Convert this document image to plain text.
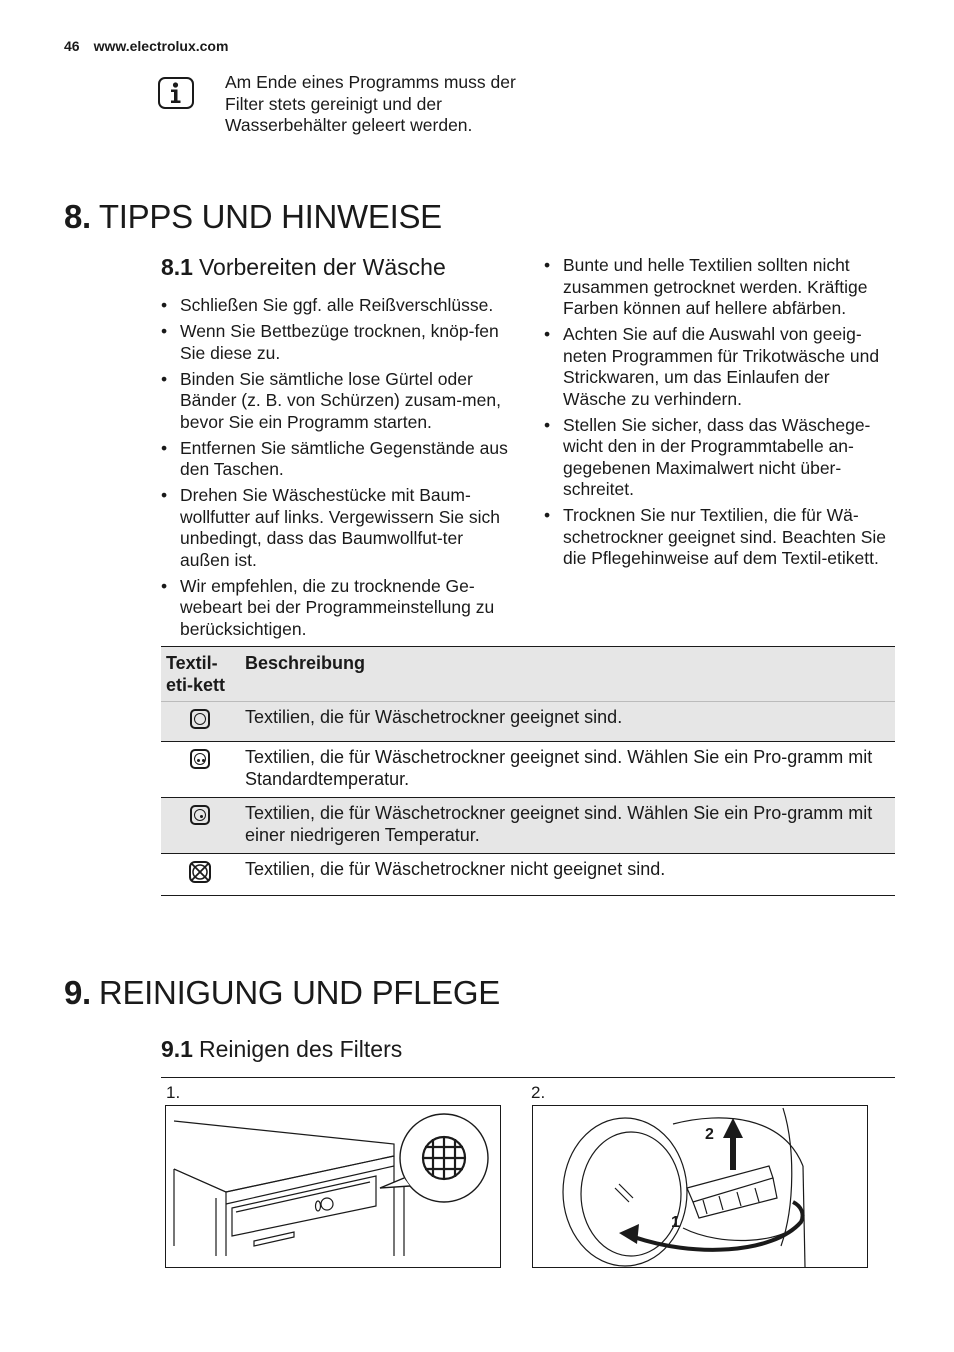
46 www.electrolux.com
Am Ende eines Programms muss der Filter stets gereinigt und der Wasserbehälter geleert werden.
8. TIPPS UND HINWEISE
8.1 Vorbereiten der Wäsche
• Schließen Sie ggf. alle Reißverschlüsse.
• Wenn Sie Bettbezüge trocknen, knöp-fen Sie diese zu.
• Binden Sie sämtliche lose Gürtel oder Bänder (z. B. von Schürzen) zusam-men, bevor Sie ein Programm starten.
• Entfernen Sie sämtliche Gegenstände aus den Taschen.
• Drehen Sie Wäschestücke mit Baum-wollfutter auf links. Vergewissern Sie sich unbedingt, dass das Baumwollfut-ter außen ist.
• Wir empfehlen, die zu trocknende Ge-webeart bei der Programmeinstellung zu berücksichtigen.
• Bunte und helle Textilien sollten nicht zusammen getrocknet werden. Kräftige Farben können auf hellere abfärben.
• Achten Sie auf die Auswahl von geeig-neten Programmen für Trikotwäsche und Strickwaren, um das Einlaufen der Wäsche zu verhindern.
• Stellen Sie sicher, dass das Wäschege-wicht den in der Programmtabelle an-gegebenen Maximalwert nicht über-schreitet.
• Trocknen Sie nur Textilien, die für Wä-schetrockner geeignet sind. Beachten Sie die Pflegehinweise auf dem Textil-etikett.
Textil-eti-kett	Beschreibung
	Textilien, die für Wäschetrockner geeignet sind.

	Textilien, die für Wäschetrockner geeignet sind. Wählen Sie ein Pro-gramm mit Standardtemperatur.

	Textilien, die für Wäschetrockner geeignet sind. Wählen Sie ein Pro-gramm mit einer niedrigeren Temperatur.
	Textilien, die für Wäschetrockner nicht geeignet sind.
9. REINIGUNG UND PFLEGE
9.1 Reinigen des Filters
1.	2.
2
1
